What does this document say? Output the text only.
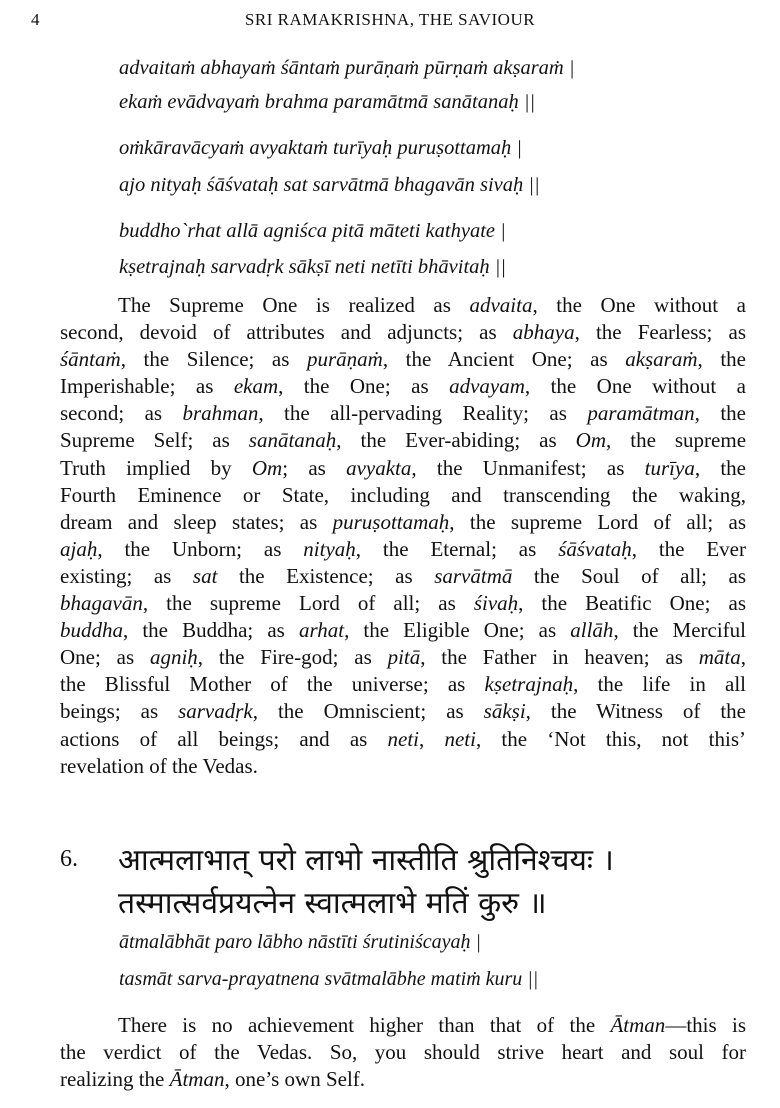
4	SRI RAMAKRISHNA, THE SAVIOUR
advaitaṁ abhayaṁ śāntaṁ purāṇaṁ pūrṇaṁ akṣaraṁ |
ekaṁ evādvayaṁ brahma paramātmā sanātanaḥ ||
oṁkāravācyaṁ avyaktaṁ turīyaḥ puruṣottamaḥ |
ajo nityaḥ śāśvataḥ sat sarvātmā bhagavān sivaḥ ||
buddho`rhat allā agniśca pitā māteti kathyate |
kṣetrajnaḥ sarvadṛk sākṣī neti netīti bhāvitaḥ ||
The Supreme One is realized as advaita, the One without a
second, devoid of attributes and adjuncts; as abhaya, the Fearless; as
śāntaṁ, the Silence; as purāṇaṁ, the Ancient One; as akṣaraṁ, the
Imperishable; as ekam, the One; as advayam, the One without a
second; as brahman, the all-pervading Reality; as paramātman, the
Supreme Self; as sanātanaḥ, the Ever-abiding; as Om, the supreme
Truth implied by Om; as avyakta, the Unmanifest; as turīya, the
Fourth Eminence or State, including and transcending the waking,
dream and sleep states; as puruṣottamaḥ, the supreme Lord of all; as
ajaḥ, the Unborn; as nityaḥ, the Eternal; as śāśvataḥ, the Ever
existing; as sat the Existence; as sarvātmā the Soul of all; as
bhagavān, the supreme Lord of all; as śivaḥ, the Beatific One; as
buddha, the Buddha; as arhat, the Eligible One; as allāh, the Merciful
One; as agniḥ, the Fire-god; as pitā, the Father in heaven; as māta,
the Blissful Mother of the universe; as kṣetrajnaḥ, the life in all
beings; as sarvadṛk, the Omniscient; as sākṣi, the Witness of the
actions of all beings; and as neti, neti, the ‘Not this, not this’
revelation of the Vedas.
6. आत्मलाभात् परो लाभो नास्तीति श्रुतिनिश्चयः ।
तस्मात्सर्वप्रयत्नेन स्वात्मलाभे मतिं कुरु ॥
ātmalābhāt paro lābho nāstīti śrutiniścayaḥ |
tasmāt sarva-prayatnena svātmalābhe matiṁ kuru ||
There is no achievement higher than that of the Ātman—this is
the verdict of the Vedas. So, you should strive heart and soul for
realizing the Ātman, one’s own Self.
